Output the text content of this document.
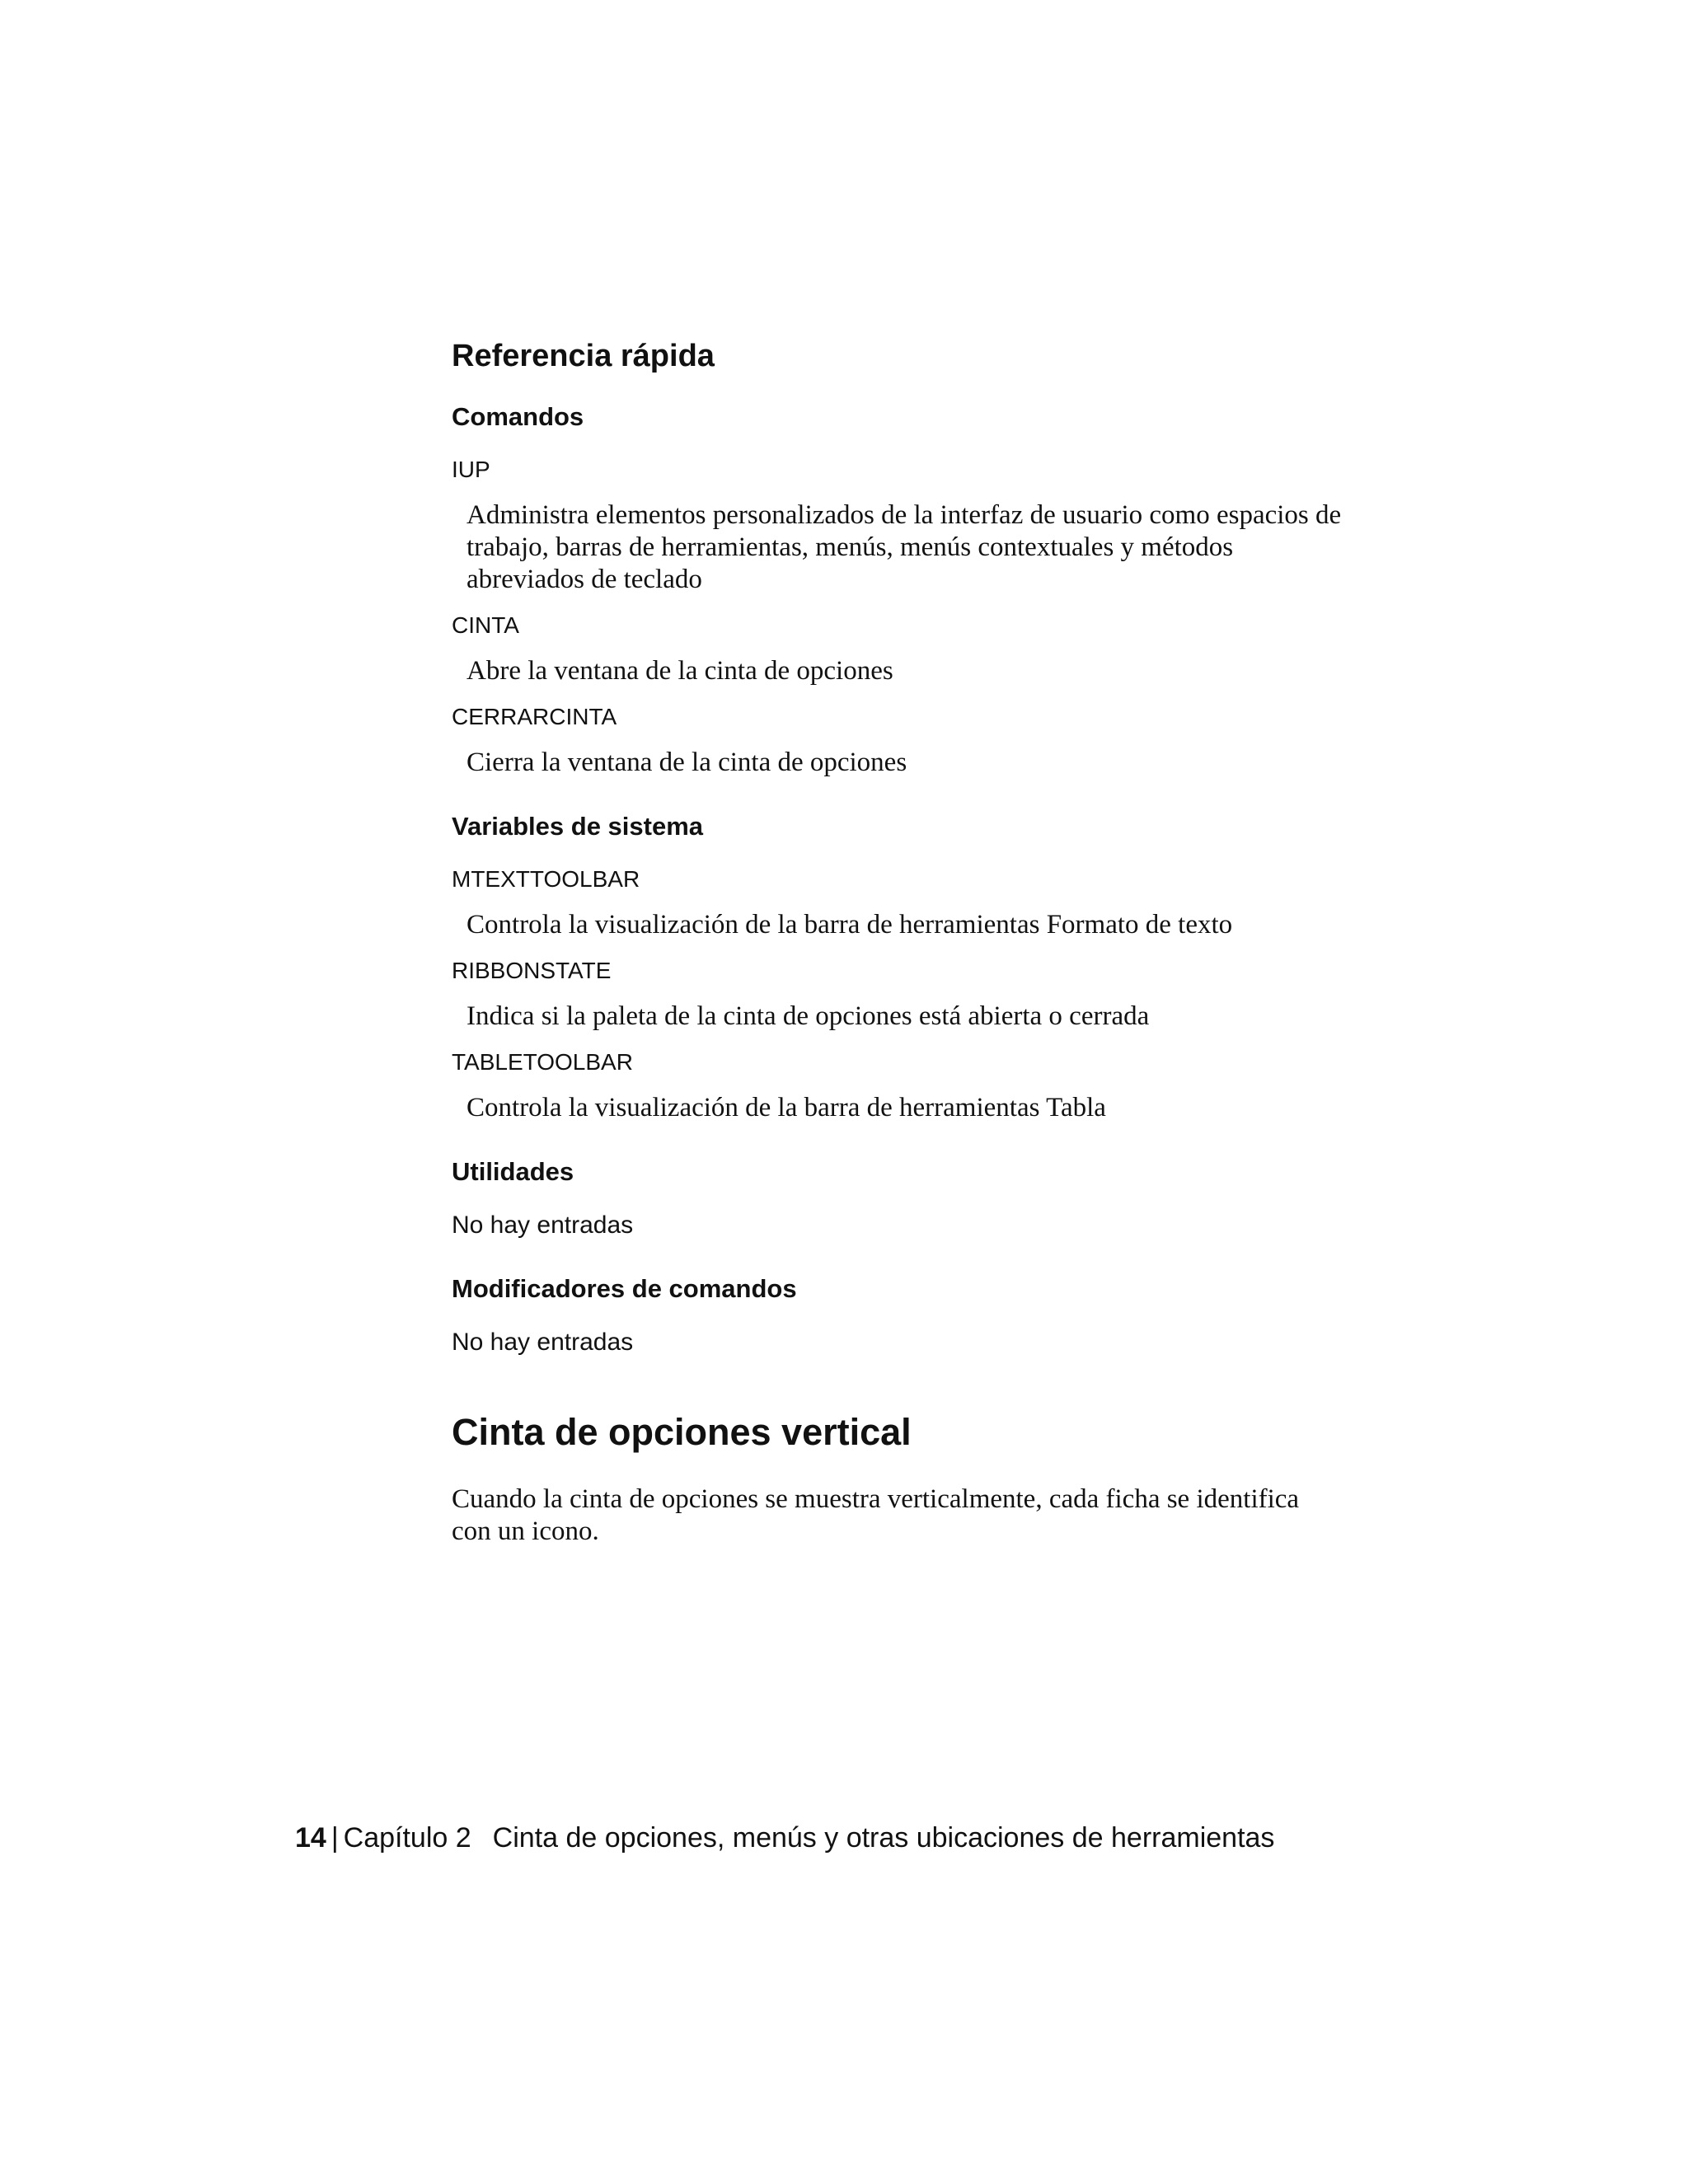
Referencia rápida
Comandos
IUP
Administra elementos personalizados de la interfaz de usuario como espacios de trabajo, barras de herramientas, menús, menús contextuales y métodos abreviados de teclado
CINTA
Abre la ventana de la cinta de opciones
CERRARCINTA
Cierra la ventana de la cinta de opciones
Variables de sistema
MTEXTTOOLBAR
Controla la visualización de la barra de herramientas Formato de texto
RIBBONSTATE
Indica si la paleta de la cinta de opciones está abierta o cerrada
TABLETOOLBAR
Controla la visualización de la barra de herramientas Tabla
Utilidades
No hay entradas
Modificadores de comandos
No hay entradas
Cinta de opciones vertical

Cuando la cinta de opciones se muestra verticalmente, cada ficha se identifica con un icono.

14 | Capítulo 2 Cinta de opciones, menús y otras ubicaciones de herramientas
